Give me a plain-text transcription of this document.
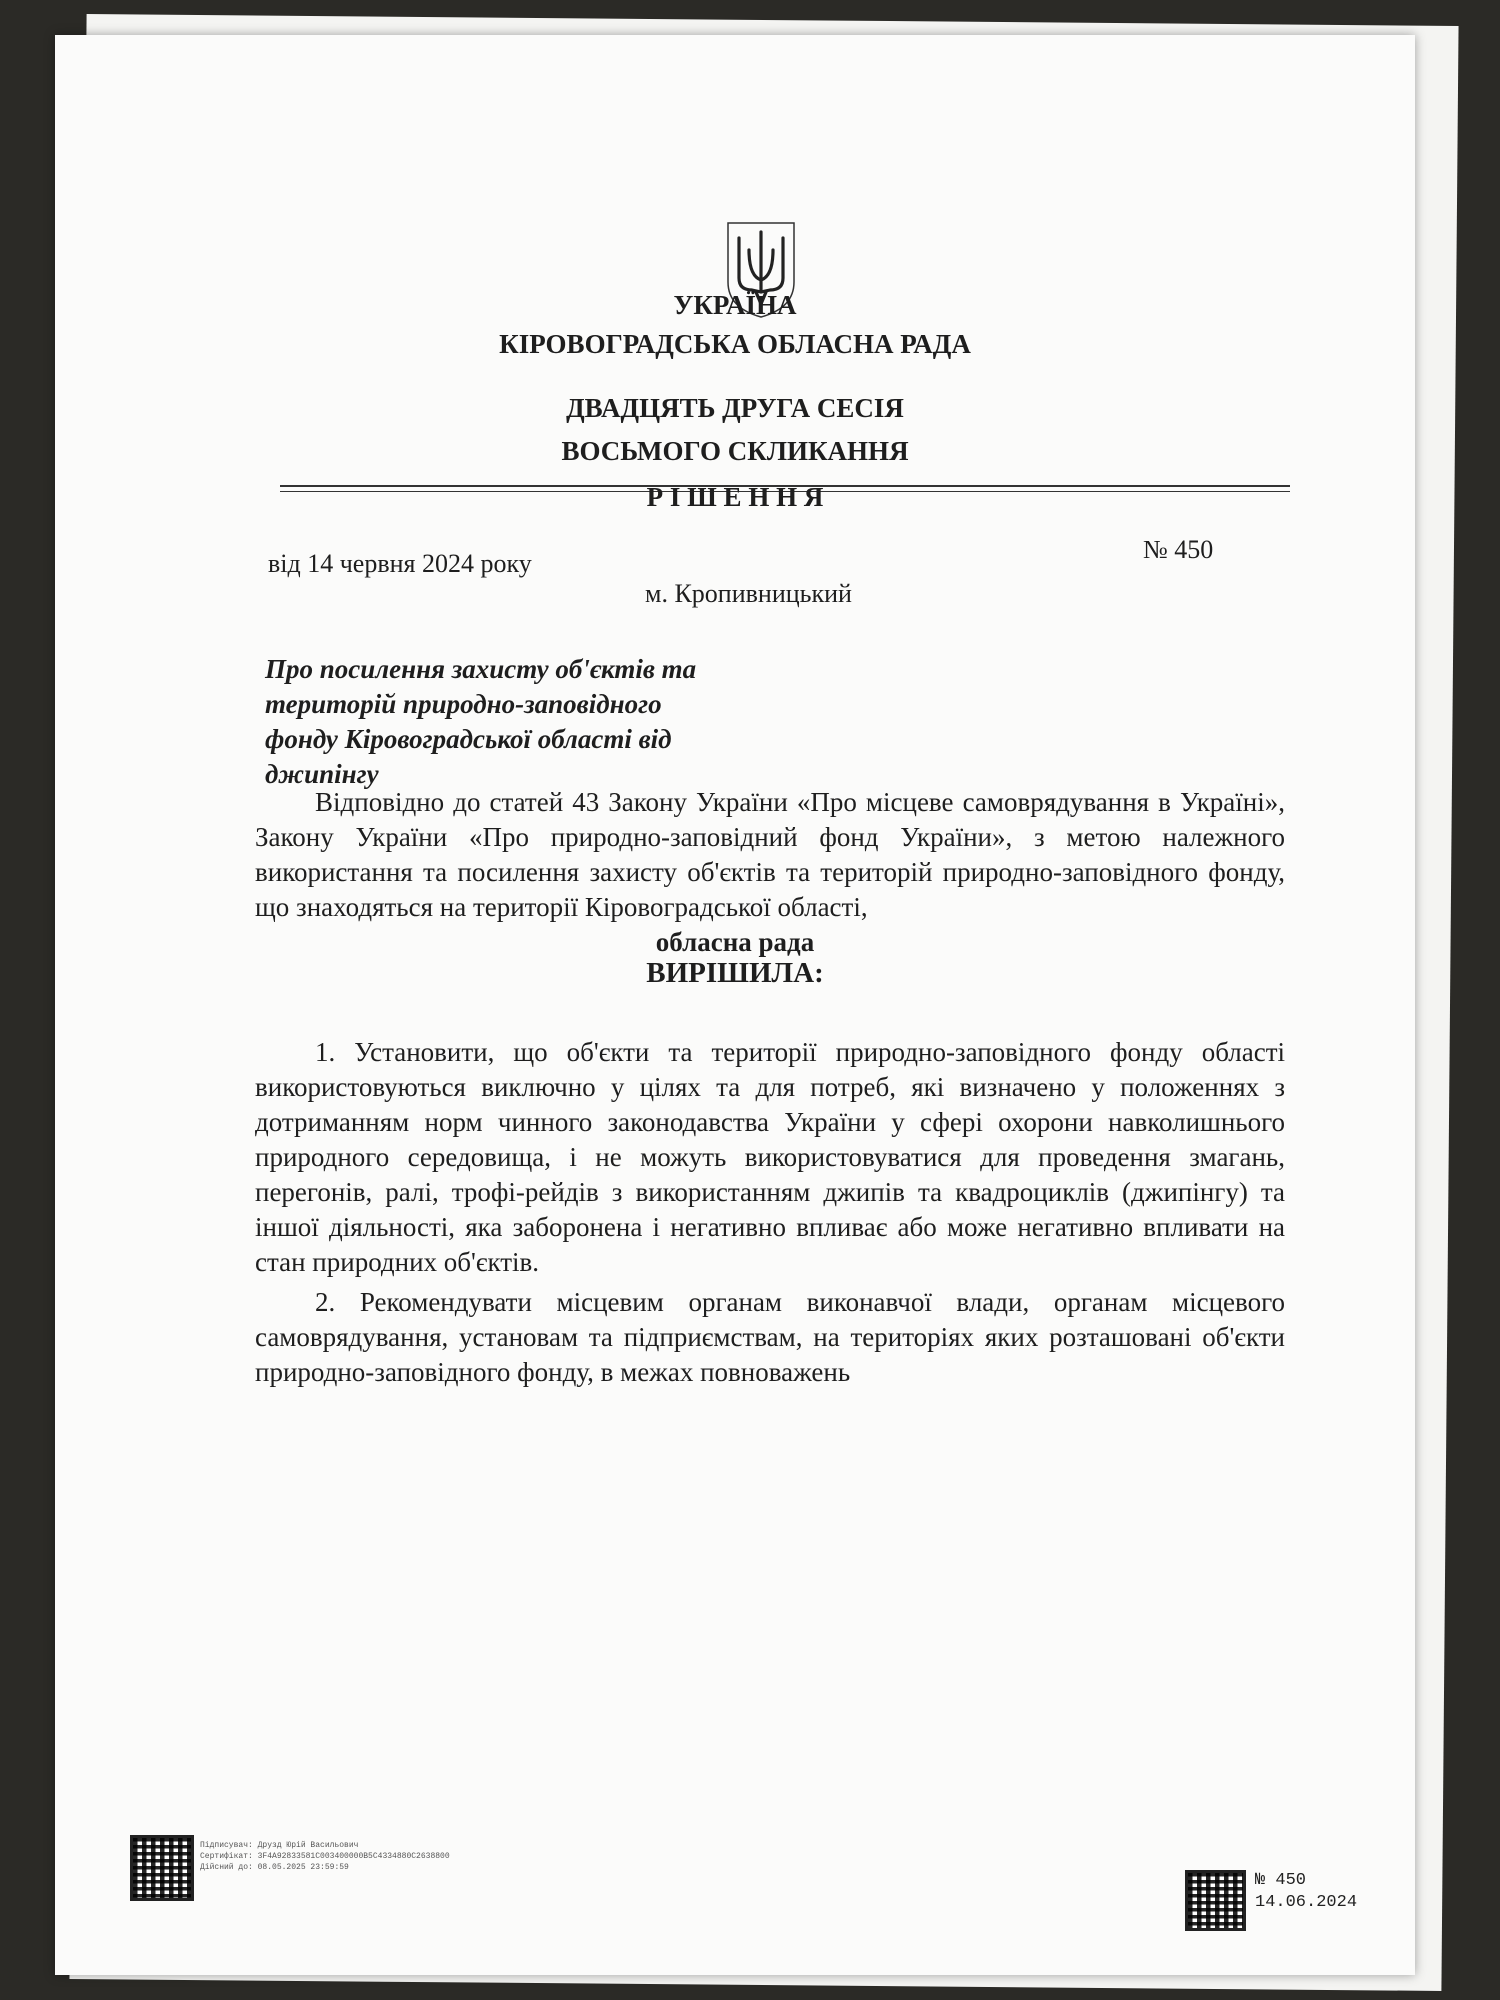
УКРАЇНА
КІРОВОГРАДСЬКА ОБЛАСНА РАДА
ДВАДЦЯТЬ ДРУГА СЕСІЯ
ВОСЬМОГО СКЛИКАННЯ
Р І Ш Е Н Н Я
від 14 червня 2024 року	№ 450
м. Кропивницький
Про посилення захисту об'єктів та
територій природно-заповідного
фонду Кіровоградської області від
джипінгу
Відповідно до статей 43 Закону України «Про місцеве самоврядування в Україні», Закону України «Про природно-заповідний фонд України», з метою належного використання та посилення захисту об'єктів та територій природно-заповідного фонду, що знаходяться на території Кіровоградської області,
обласна рада
ВИРІШИЛА:
1. Установити, що об'єкти та території природно-заповідного фонду області використовуються виключно у цілях та для потреб, які визначено у положеннях з дотриманням норм чинного законодавства України у сфері охорони навколишнього природного середовища, і не можуть використовуватися для проведення змагань, перегонів, ралі, трофі-рейдів з використанням джипів та квадроциклів (джипінгу) та іншої діяльності, яка заборонена і негативно впливає або може негативно впливати на стан природних об'єктів.
2. Рекомендувати місцевим органам виконавчої влади, органам місцевого самоврядування, установам та підприємствам, на територіях яких розташовані об'єкти природно-заповідного фонду, в межах повноважень
Підписувач: Друзд Юрій Васильович
Сертифікат: 3F4A92833581C003400000B5C4334880C2638800
Дійсний до: 08.05.2025 23:59:59
№ 450
14.06.2024
